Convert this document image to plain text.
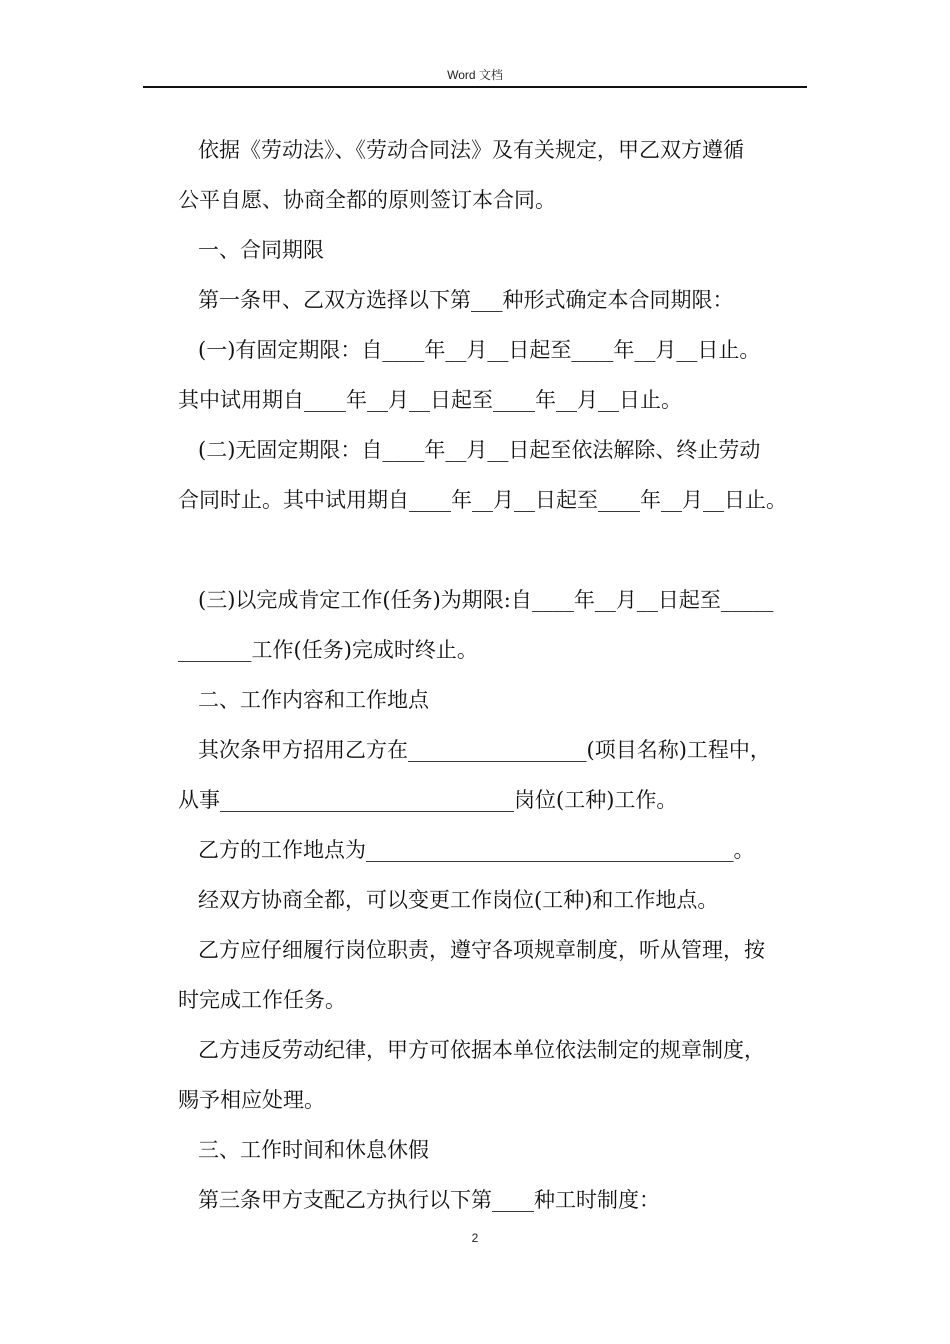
Word 文档
依据《劳动法》、《劳动合同法》及有关规定，甲乙双方遵循
公平自愿、协商全都的原则签订本合同。
一、合同期限
第一条甲、乙双方选择以下第___种形式确定本合同期限：
(一)有固定期限：自____年__月__日起至____年__月__日止。
其中试用期自____年__月__日起至____年__月__日止。
(二)无固定期限：自____年__月__日起至依法解除、终止劳动
合同时止。其中试用期自____年__月__日起至____年__月__日止。
(三)以完成肯定工作(任务)为期限:自____年__月__日起至_____
_______工作(任务)完成时终止。
二、工作内容和工作地点
其次条甲方招用乙方在_________________(项目名称)工程中，
从事____________________________岗位(工种)工作。
乙方的工作地点为___________________________________。
经双方协商全都，可以变更工作岗位(工种)和工作地点。
乙方应仔细履行岗位职责，遵守各项规章制度，听从管理，按
时完成工作任务。
乙方违反劳动纪律，甲方可依据本单位依法制定的规章制度，
赐予相应处理。
三、工作时间和休息休假
第三条甲方支配乙方执行以下第____种工时制度：
2
